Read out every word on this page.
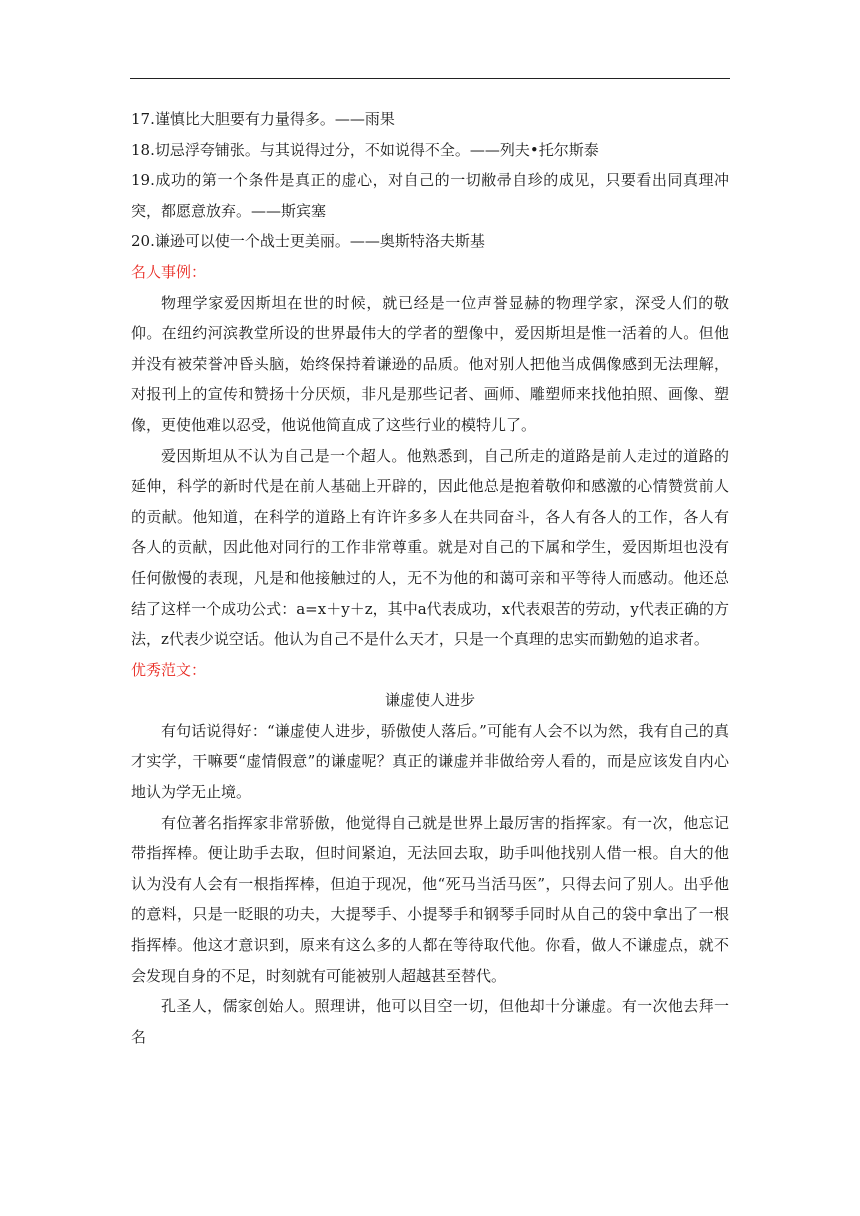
17.谨慎比大胆要有力量得多。——雨果

18.切忌浮夸铺张。与其说得过分，不如说得不全。——列夫•托尔斯泰

19.成功的第一个条件是真正的虚心，对自己的一切敝帚自珍的成见，只要看出同真理冲突，都愿意放弃。——斯宾塞

20.谦逊可以使一个战士更美丽。——奥斯特洛夫斯基

名人事例：

物理学家爱因斯坦在世的时候，就已经是一位声誉显赫的物理学家，深受人们的敬仰。在纽约河滨教堂所设的世界最伟大的学者的塑像中，爱因斯坦是惟一活着的人。但他并没有被荣誉冲昏头脑，始终保持着谦逊的品质。他对别人把他当成偶像感到无法理解，对报刊上的宣传和赞扬十分厌烦，非凡是那些记者、画师、雕塑师来找他拍照、画像、塑像，更使他难以忍受，他说他简直成了这些行业的模特儿了。

爱因斯坦从不认为自己是一个超人。他熟悉到，自己所走的道路是前人走过的道路的延伸，科学的新时代是在前人基础上开辟的，因此他总是抱着敬仰和感激的心情赞赏前人的贡献。他知道，在科学的道路上有许许多多人在共同奋斗，各人有各人的工作，各人有各人的贡献，因此他对同行的工作非常尊重。就是对自己的下属和学生，爱因斯坦也没有任何傲慢的表现，凡是和他接触过的人，无不为他的和蔼可亲和平等待人而感动。他还总结了这样一个成功公式：a=x＋y＋z，其中a代表成功，x代表艰苦的劳动，y代表正确的方法，z代表少说空话。他认为自己不是什么天才，只是一个真理的忠实而勤勉的追求者。

优秀范文：

谦虚使人进步

有句话说得好：“谦虚使人进步，骄傲使人落后。”可能有人会不以为然，我有自己的真才实学，干嘛要“虚情假意”的谦虚呢？真正的谦虚并非做给旁人看的，而是应该发自内心地认为学无止境。

有位著名指挥家非常骄傲，他觉得自己就是世界上最厉害的指挥家。有一次，他忘记带指挥棒。便让助手去取，但时间紧迫，无法回去取，助手叫他找别人借一根。自大的他认为没有人会有一根指挥棒，但迫于现况，他“死马当活马医”，只得去问了别人。出乎他的意料，只是一眨眼的功夫，大提琴手、小提琴手和钢琴手同时从自己的袋中拿出了一根指挥棒。他这才意识到，原来有这么多的人都在等待取代他。你看，做人不谦虚点，就不会发现自身的不足，时刻就有可能被别人超越甚至替代。

孔圣人，儒家创始人。照理讲，他可以目空一切，但他却十分谦虚。有一次他去拜一名
